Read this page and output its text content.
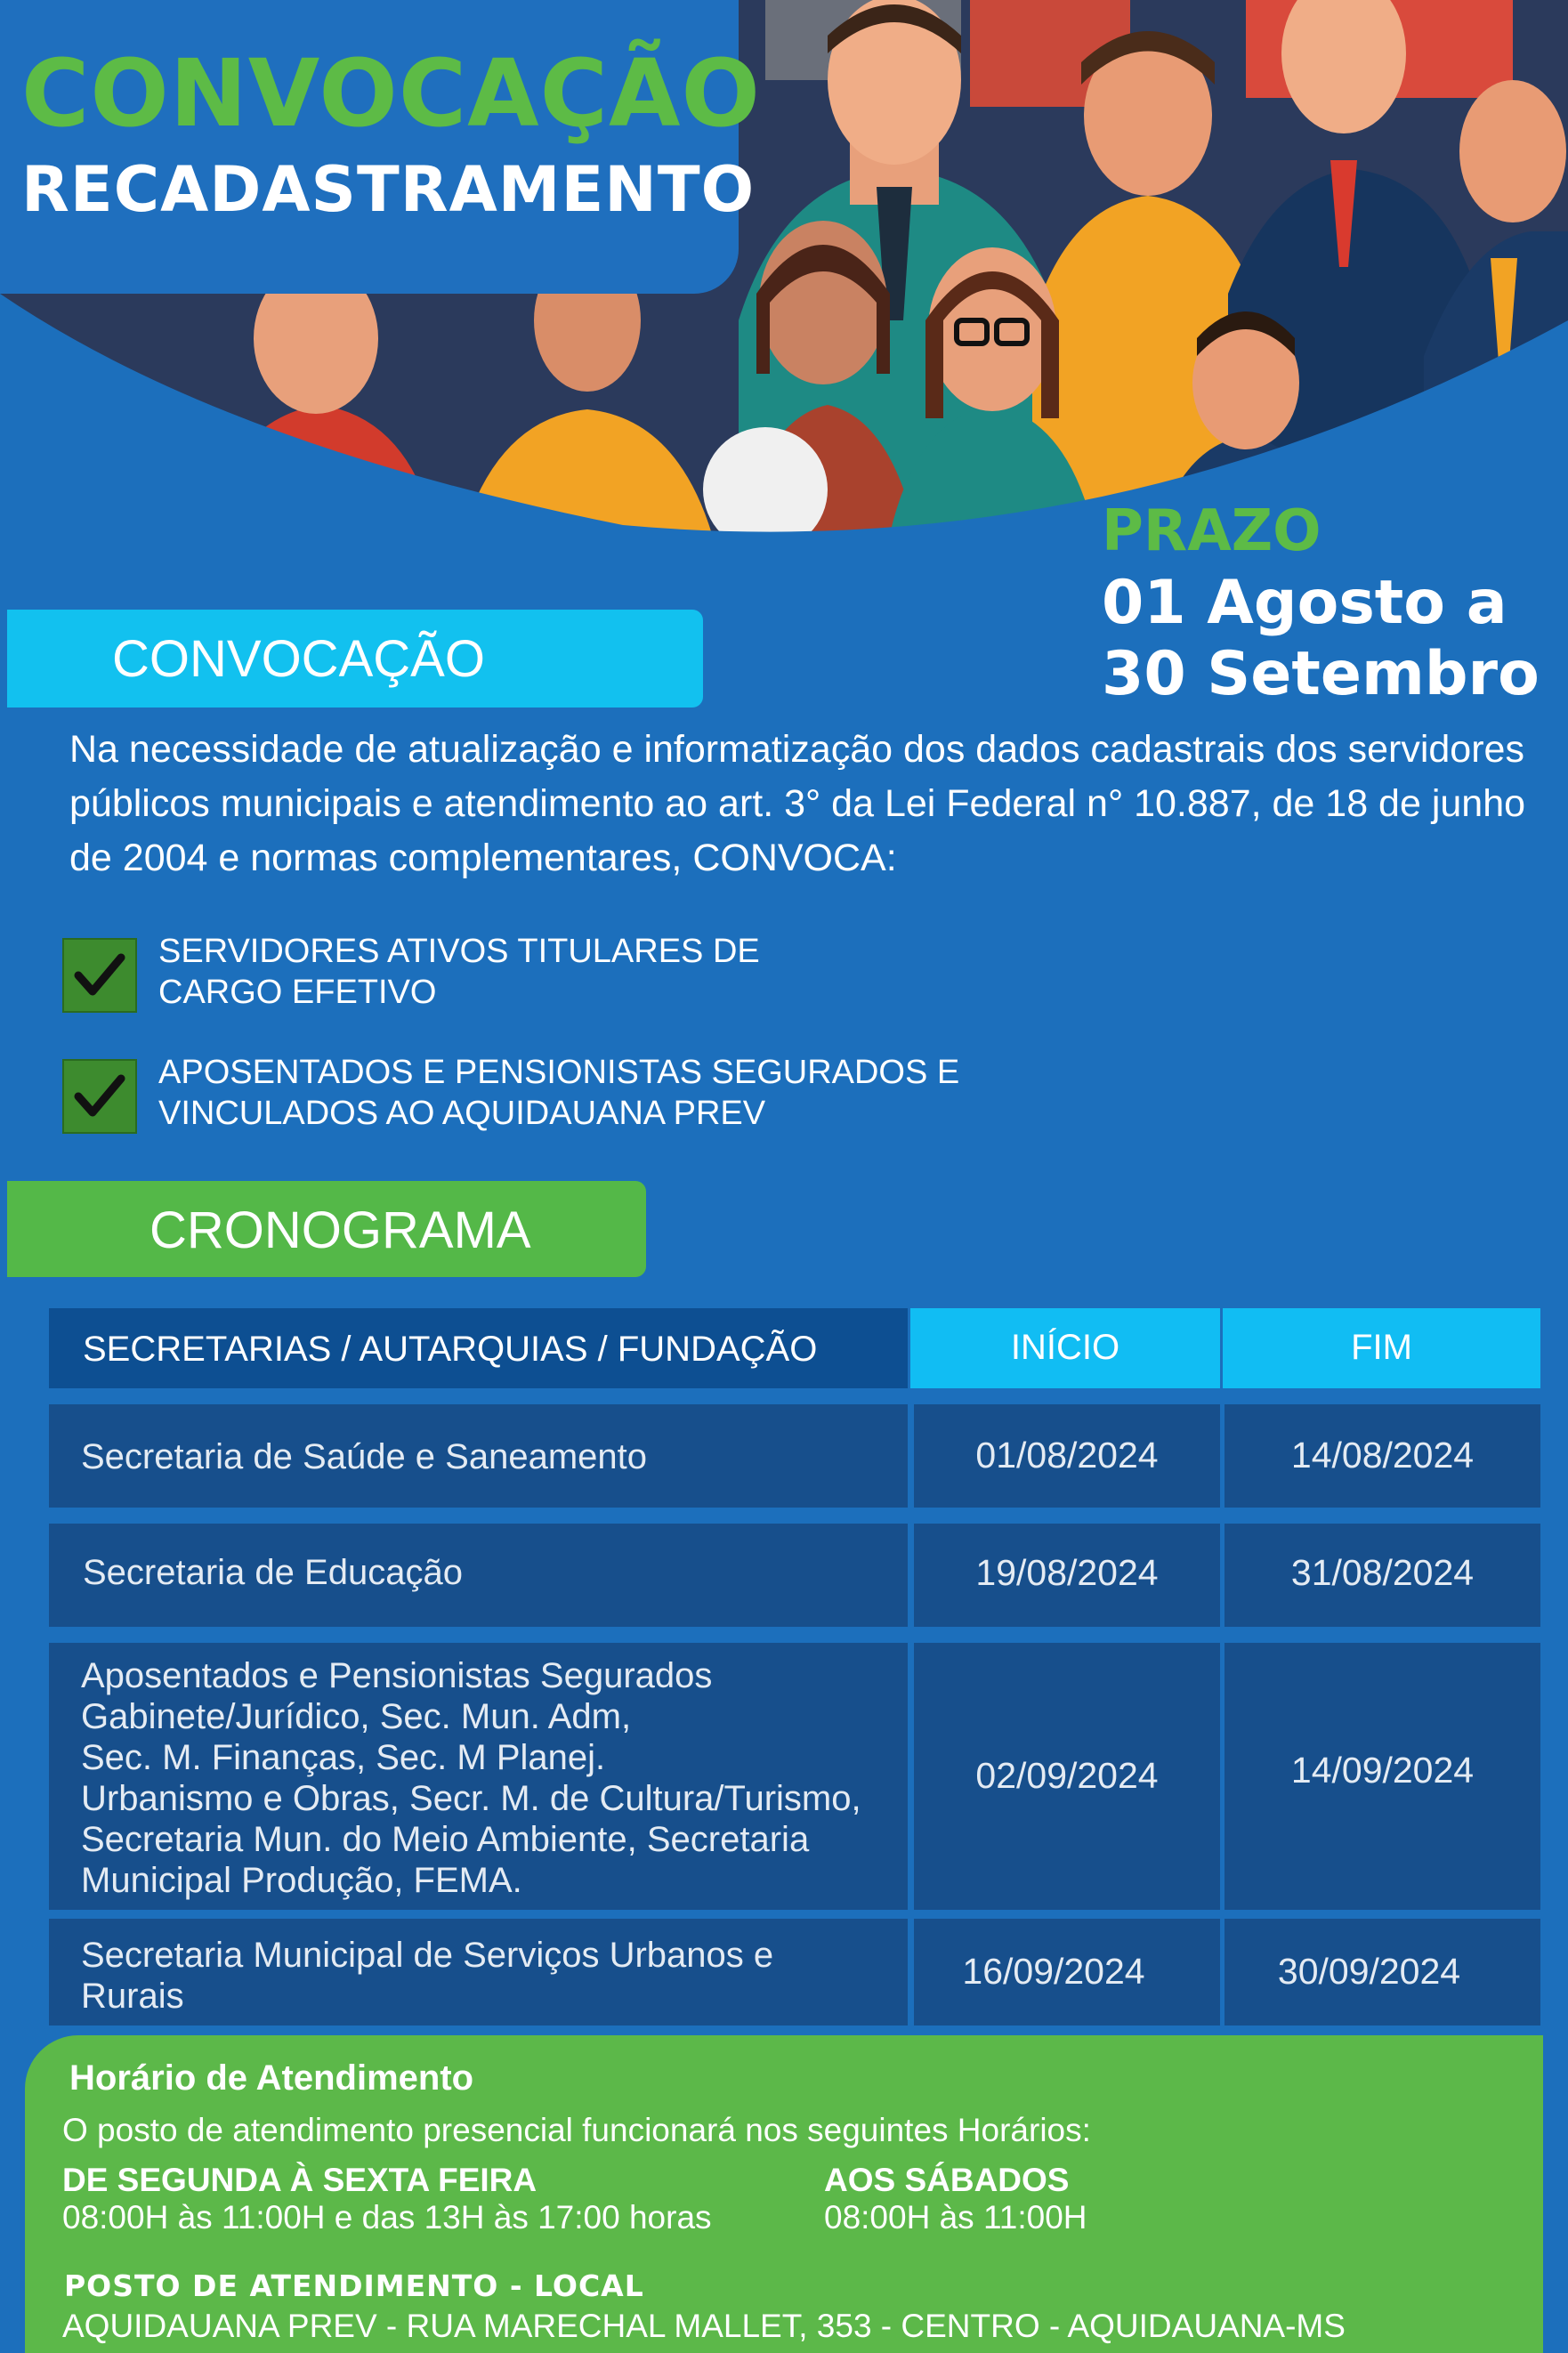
CONVOCAÇÃO
RECADASTRAMENTO
PRAZO
01 Agosto a
30 Setembro
CONVOCAÇÃO
Na necessidade de atualização e informatização dos dados cadastrais dos servidores públicos municipais e atendimento ao art. 3° da Lei Federal n° 10.887, de 18 de junho de 2004 e normas complementares, CONVOCA:
SERVIDORES ATIVOS TITULARES DE
CARGO EFETIVO
APOSENTADOS E PENSIONISTAS SEGURADOS E
VINCULADOS AO AQUIDAUANA PREV
CRONOGRAMA
SECRETARIAS / AUTARQUIAS / FUNDAÇÃO	INÍCIO	FIM
Secretaria de Saúde e Saneamento	01/08/2024	14/08/2024
Secretaria de Educação	19/08/2024	31/08/2024
Aposentados e Pensionistas Segurados
Gabinete/Jurídico, Sec. Mun. Adm,
Sec. M. Finanças, Sec. M Planej.
Urbanismo e Obras, Secr. M. de Cultura/Turismo,
Secretaria Mun. do Meio Ambiente, Secretaria
Municipal Produção, FEMA.
02/09/2024	14/09/2024
Secretaria Municipal de Serviços Urbanos e
Rurais
16/09/2024	30/09/2024
Horário de Atendimento
O posto de atendimento presencial funcionará nos seguintes Horários:
DE SEGUNDA À SEXTA FEIRA
08:00H às 11:00H e das 13H às 17:00 horas
AOS SÁBADOS
08:00H às 11:00H
POSTO DE ATENDIMENTO - LOCAL
AQUIDAUANA PREV - RUA MARECHAL MALLET, 353 - CENTRO - AQUIDAUANA-MS
